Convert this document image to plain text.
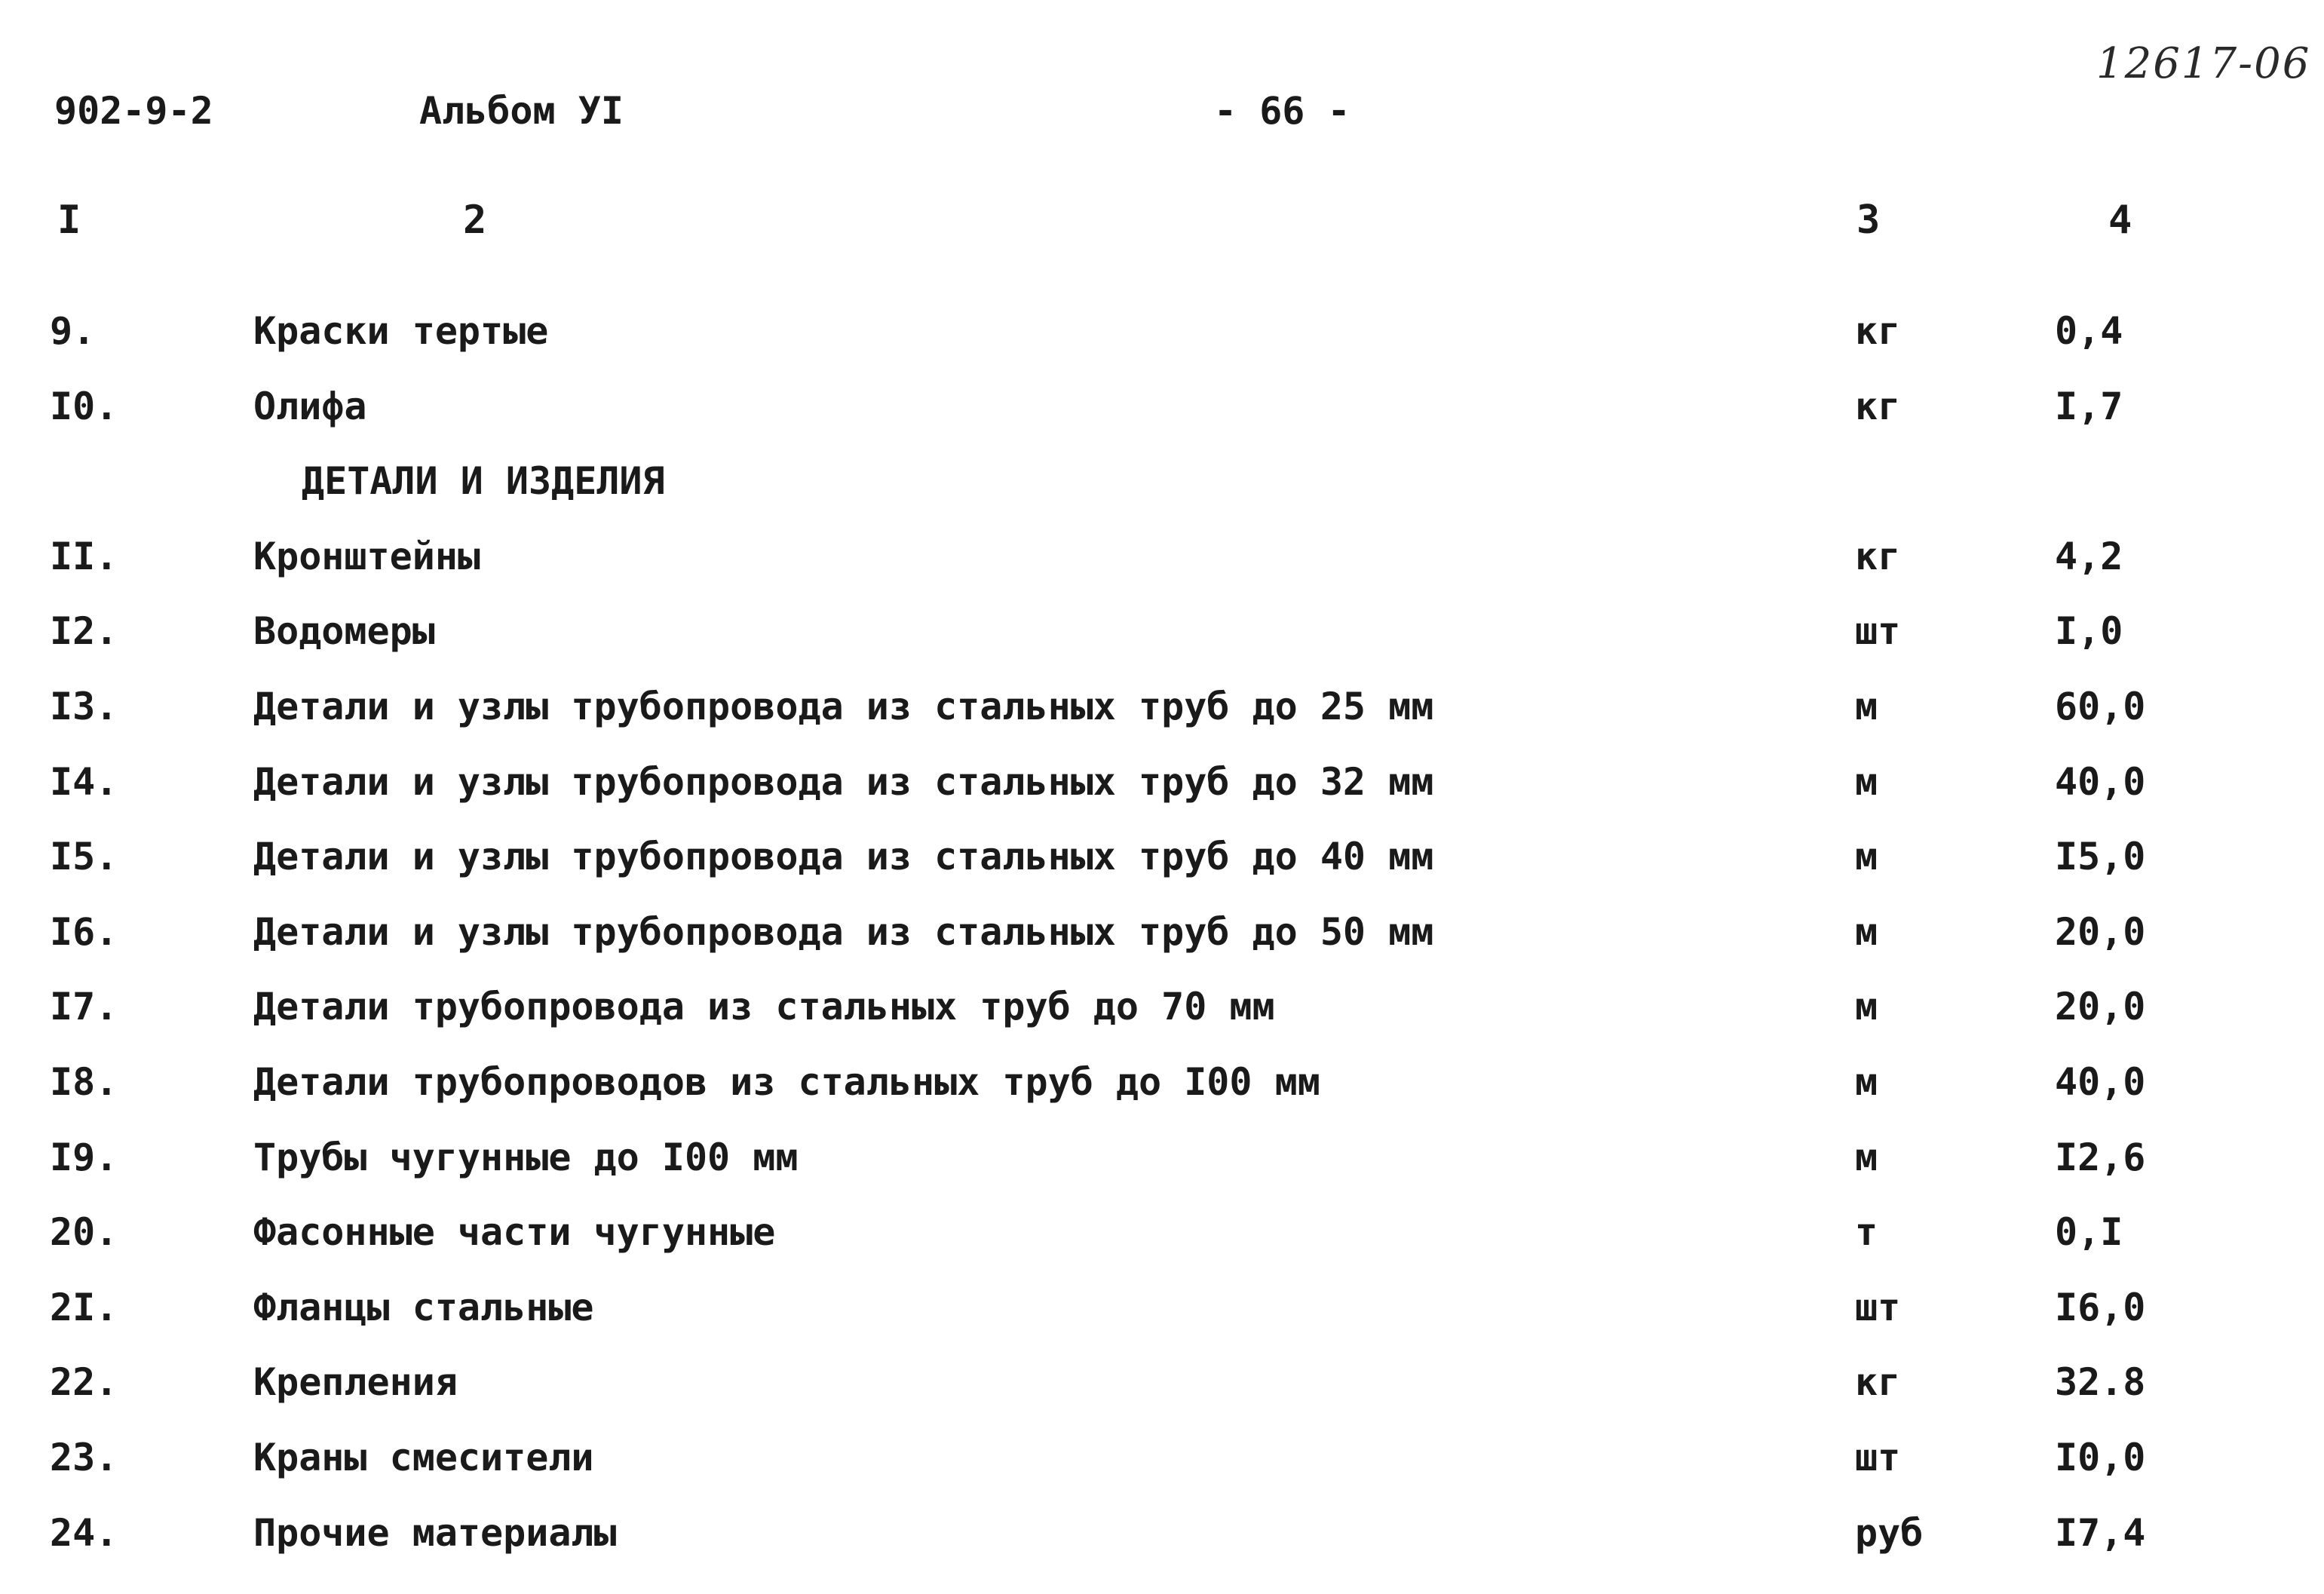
902-9-2	Альбом УI	- 66 -
12617-06
I	2	3	4
9.	Краски тертые	кг	0,4
I0.	Олифа	кг	I,7
ДЕТАЛИ И ИЗДЕЛИЯ
II.	Кронштейны	кг	4,2
I2.	Водомеры	шт	I,0
I3.	Детали и узлы трубопровода из стальных труб до 25 мм	м	60,0
I4.	Детали и узлы трубопровода из стальных труб до 32 мм	м	40,0
I5.	Детали и узлы трубопровода из стальных труб до 40 мм	м	I5,0
I6.	Детали и узлы трубопровода из стальных труб до 50 мм	м	20,0
I7.	Детали трубопровода из стальных труб до 70 мм	м	20,0
I8.	Детали трубопроводов из стальных труб до I00 мм	м	40,0
I9.	Трубы чугунные до I00 мм	м	I2,6
20.	Фасонные части чугунные	т	0,I
2I.	Фланцы стальные	шт	I6,0
22.	Крепления	кг	32.8
23.	Краны смесители	шт	I0,0
24.	Прочие материалы	руб	I7,4
